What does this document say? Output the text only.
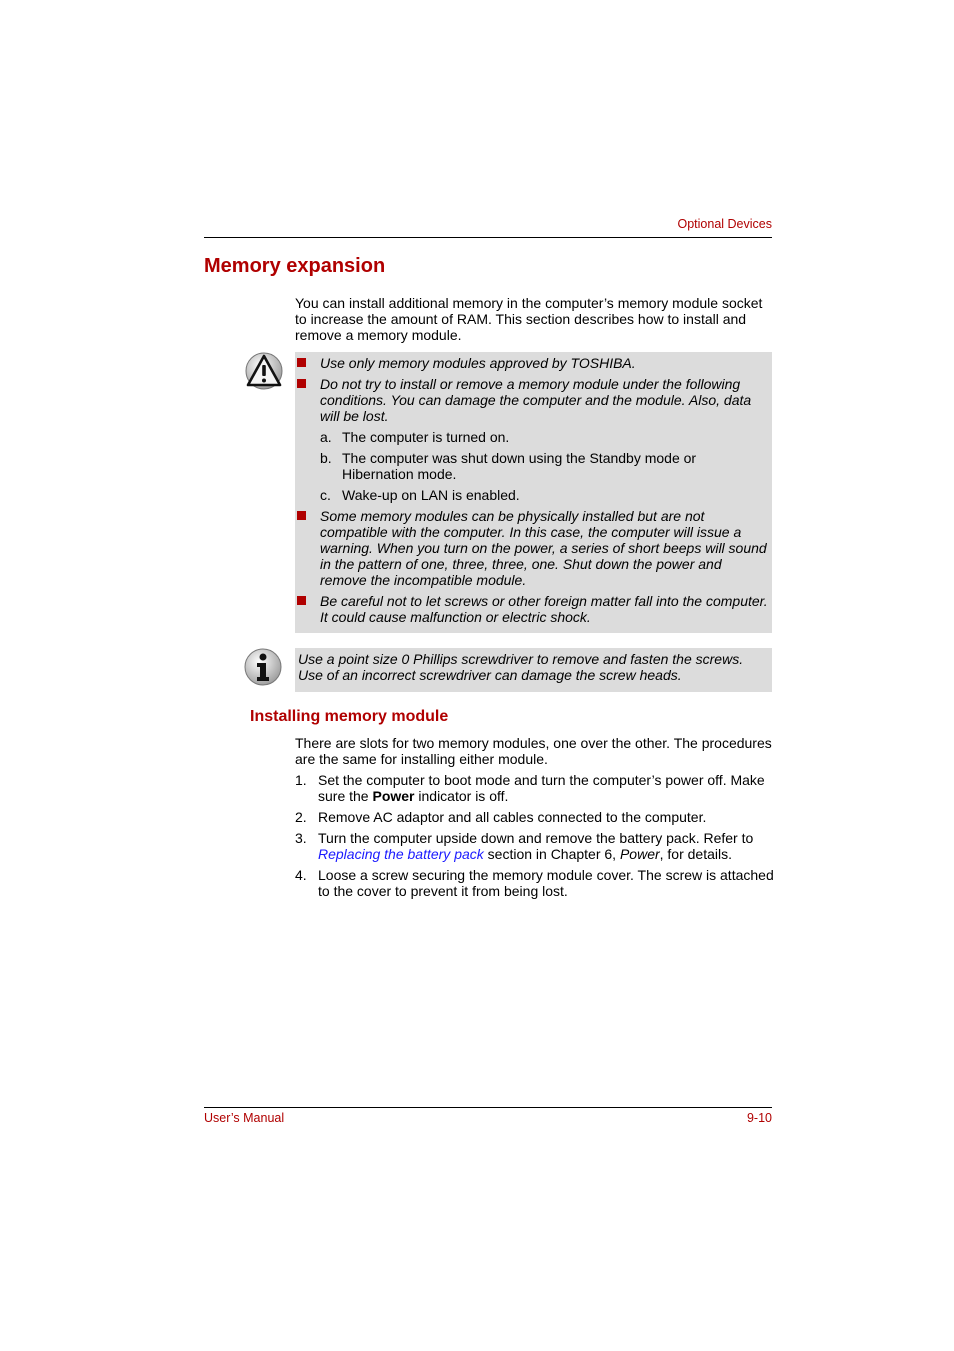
Optional Devices
Memory expansion

You can install additional memory in the computer’s memory module socket to increase the amount of RAM. This section describes how to install and remove a memory module.

Use only memory modules approved by TOSHIBA.
Do not try to install or remove a memory module under the following conditions. You can damage the computer and the module. Also, data will be lost.
a. The computer is turned on.
b. The computer was shut down using the Standby mode or Hibernation mode.
c. Wake-up on LAN is enabled.
Some memory modules can be physically installed but are not compatible with the computer. In this case, the computer will issue a warning. When you turn on the power, a series of short beeps will sound in the pattern of one, three, three, one. Shut down the power and remove the incompatible module.
Be careful not to let screws or other foreign matter fall into the computer. It could cause malfunction or electric shock.
Use a point size 0 Phillips screwdriver to remove and fasten the screws. Use of an incorrect screwdriver can damage the screw heads.
Installing memory module

There are slots for two memory modules, one over the other. The procedures are the same for installing either module.

1. Set the computer to boot mode and turn the computer’s power off. Make sure the Power indicator is off.
2. Remove AC adaptor and all cables connected to the computer.
3. Turn the computer upside down and remove the battery pack. Refer to Replacing the battery pack section in Chapter 6, Power, for details.
4. Loose a screw securing the memory module cover. The screw is attached to the cover to prevent it from being lost.
User’s Manual	9-10
